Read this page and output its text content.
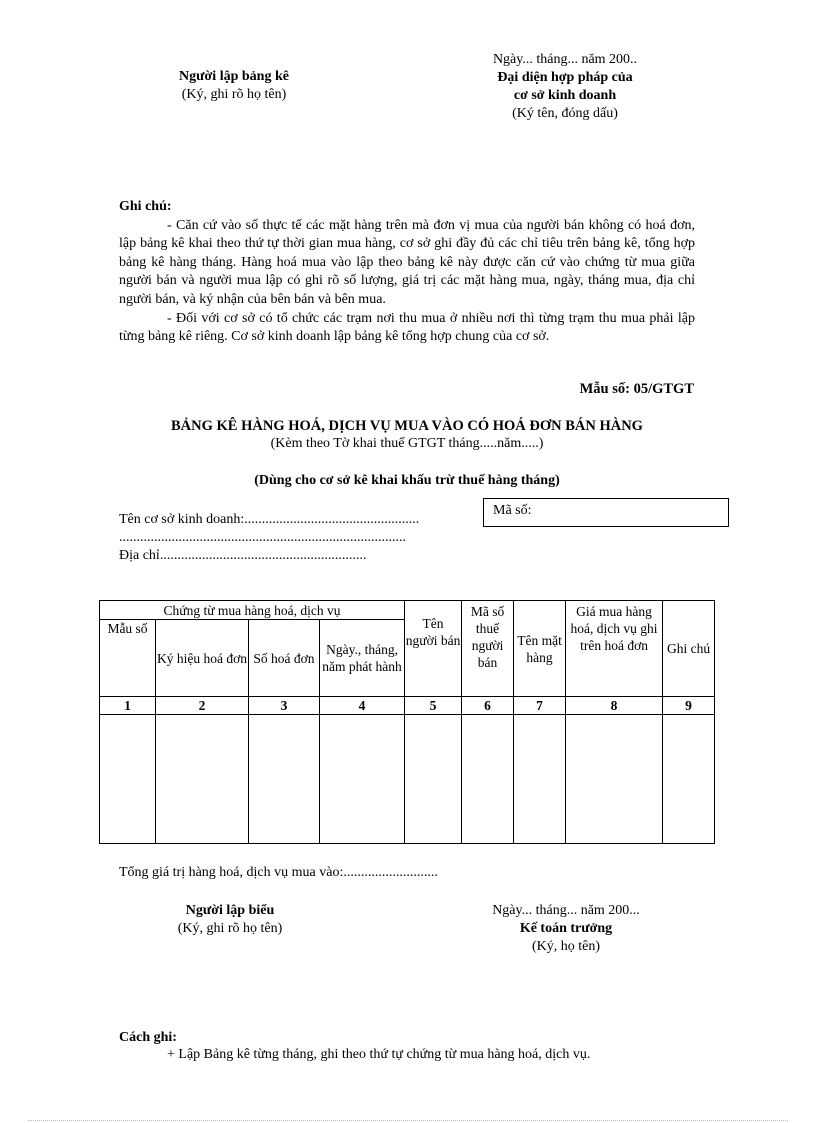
Người lập bảng kê
(Ký, ghi rõ họ tên)
Ngày... tháng... năm 200..
Đại diện hợp pháp của
cơ sở kinh doanh
(Ký tên, đóng dấu)

Ghi chú:

- Căn cứ vào số thực tế các mặt hàng trên mà đơn vị mua của người bán không có hoá đơn, lập bảng kê khai theo thứ tự thời gian mua hàng, cơ sở ghi đầy đủ các chỉ tiêu trên bảng kê, tổng hợp bảng kê hàng tháng. Hàng hoá mua vào lập theo bảng kê này được căn cứ vào chứng từ mua giữa người bán và người mua lập có ghi rõ số lượng, giá trị các mặt hàng mua, ngày, tháng mua, địa chỉ người bán, và ký nhận của bên bán và bên mua.

- Đối với cơ sở có tổ chức các trạm nơi thu mua ở nhiều nơi thì từng trạm thu mua phải lập từng bảng kê riêng. Cơ sở kinh doanh lập bảng kê tổng hợp chung của cơ sở.

Mẫu số: 05/GTGT
BẢNG KÊ HÀNG HOÁ, DỊCH VỤ MUA VÀO CÓ HOÁ ĐƠN BÁN HÀNG
(Kèm theo Tờ khai thuế GTGT tháng.....năm.....)
(Dùng cho cơ sở kê khai khấu trừ thuế hàng tháng)
Tên cơ sở kinh doanh:..................................................
..................................................................................
Địa chỉ...........................................................
Mã số:
Chứng từ mua hàng hoá, dịch vụ				Tên người bán	Mã số thuế người bán	Tên mặt hàng	Giá mua hàng hoá, dịch vụ ghi trên hoá đơn	Ghi chú
Mẫu số	Ký hiệu hoá đơn	Số hoá đơn	Ngày., tháng, năm phát hành					
1	2	3	4	5	6	7	8	9

Tổng giá trị hàng hoá, dịch vụ mua vào:...........................
Người lập biểu
(Ký, ghi rõ họ tên)
Ngày... tháng... năm 200...
Kế toán trưởng
(Ký, họ tên)
Cách ghi:
+ Lập Bảng kê từng tháng, ghi theo thứ tự chứng từ mua hàng hoá, dịch vụ.
